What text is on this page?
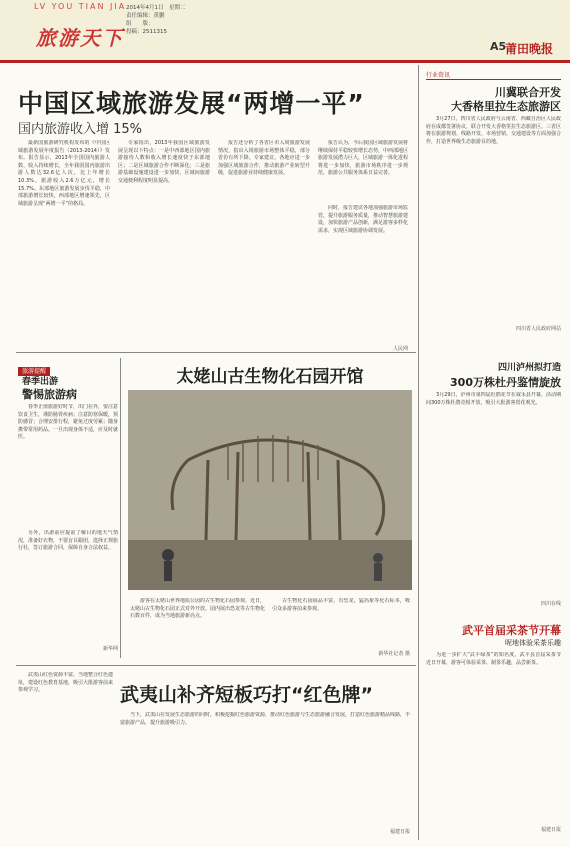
LV YOU TIAN JIA
旅游天下
2014年4月1日　星期二
责任编辑：黄鹏
组　　版：
投稿：2511315
A5
莆田晚报
中国区域旅游发展“两增一平”
国内旅游收入增 15%
最新国旅游研究机构发布的《中国区域旅游发展年度报告（2013-2014）》发布。报告显示，2013年全国国内旅游人数、收入持续增长，全年我国国内旅游出游人数达32.6亿人次，比上年增长10.3%。旅游收入2.6万亿元，增长15.7%。东部地区旅游发展步伐平稳，中部旅游增长较快，西部地区增速领先，区域旅游呈现“两增一平”的格局。
专家指出，2013年我国区域旅游发展呈现以下特点：一是中西部地区国内旅游接待人数和收入增长速度快于东部地区；二是区域旅游合作不断深化；三是旅游基础设施建设进一步加快，区域间旅游交通便利程度明显提高。
报告还分析了各省区市入境旅游发展情况，指出入境旅游市场整体平稳，部分省份有所下降。专家建议，各地应进一步加强区域旅游合作，推动旅游产业转型升级，促进旅游业持续健康发展。
报告认为，今后我国区域旅游发展将继续保持平稳较快增长态势，中西部地区旅游发展潜力巨大，区域旅游一体化进程将进一步加快，旅游市场秩序进一步规范，旅游公共服务体系日益完善。
同时，报告建议各地加强旅游市场监管，提升旅游服务质量，推动智慧旅游建设，加快旅游产品创新，满足游客多样化需求，实现区域旅游协调发展。
人民网
旅游提醒
春季出游
警惕旅游病
春季正值旅游好时节，出门在外，要注意饮食卫生，谨防肠胃疾病；注意防寒保暖，预防感冒；合理安排行程，避免过度劳累；随身携带常用药品。一旦出现身体不适，应及时就医。
另外，出游前应提前了解目的地天气情况，准备好衣物，不要盲目跟团，选择正规旅行社，签订旅游合同，保障自身合法权益。
新华网
太姥山古生物化石园开馆
游客在太姥山世界地质公园的古生物化石园参观。近日，太姥山古生物化石园正式对外开放。园内展出恐龙等古生物化石数百件，成为当地旅游新亮点。
古生物化石园展品丰富，有恐龙、猛犸象等化石标本，吸引众多游客前来参观。
新华社记者 摄
武夷山补齐短板巧打“红色牌”
武夷山红色资源丰富，当地整合红色遗址，建设红色教育基地，吸引大批游客前来参观学习。
当下，武夷山在发展生态旅游的同时，积极挖掘红色旅游资源，推动红色旅游与生态旅游融合发展，打造红色旅游精品线路，丰富旅游产品，提升旅游吸引力。
福建日报
行业资讯
川冀联合开发
大香格里拉生态旅游区
3月27日，四川省人民政府与云南省、西藏自治区人民政府在成都签署协议，联合开发大香格里拉生态旅游区。三省区将在旅游规划、线路开发、市场营销、交通建设等方面加强合作，打造世界级生态旅游目的地。
四川省人民政府网站
四川泸州拟打造
300万株杜丹鉴情旋放
3月29日，泸州市第四届杜鹃花节在叙永县开幕，活动期间300万株杜鹃竞相开放，吸引大批游客赏花观光。
四川在线
武平首届采茶节开幕
呢地体验采茶乐趣
为进一步扩大“武平绿茶”的知名度，武平县首届采茶节近日开幕，游客可体验采茶、制茶乐趣，品尝新茶。
福建日报
